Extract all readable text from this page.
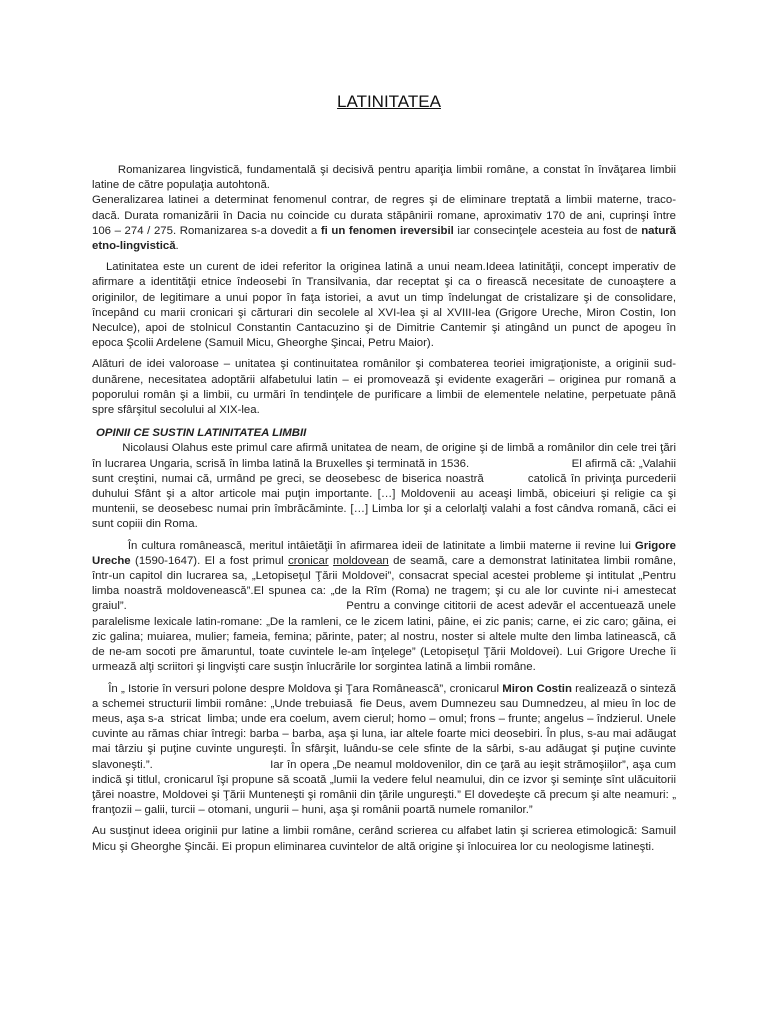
LATINITATEA

Romanizarea lingvistică, fundamentală şi decisivă pentru apariţia limbii române, a constat în învăţarea limbii latine de către populaţia autohtonă.

Generalizarea latinei a determinat fenomenul contrar, de regres şi de eliminare treptată a limbii materne, traco-dacă. Durata romanizării în Dacia nu coincide cu durata stăpânirii romane, aproximativ 170 de ani, cuprinşi între 106 – 274 / 275. Romanizarea s-a dovedit a fi un fenomen ireversibil iar consecinţele acesteia au fost de natură etno-lingvistică.

Latinitatea este un curent de idei referitor la originea latină a unui neam.Ideea latinităţii, concept imperativ de afirmare a identităţii etnice îndeosebi în Transilvania, dar receptat şi ca o firească necesitate de cunoaştere a originilor, de legitimare a unui popor în faţa istoriei, a avut un timp îndelungat de cristalizare şi de consolidare, începând cu marii cronicari şi cărturari din secolele al XVI-lea şi al XVIII-lea (Grigore Ureche, Miron Costin, Ion Neculce), apoi de stolnicul Constantin Cantacuzino şi de Dimitrie Cantemir şi atingând un punct de apogeu în epoca Şcolii Ardelene (Samuil Micu, Gheorghe Şincai, Petru Maior).

Alături de idei valoroase – unitatea şi continuitatea românilor şi combaterea teoriei imigraţioniste, a originii sud-dunărene, necesitatea adoptării alfabetului latin – ei promovează şi evidente exagerări – originea pur romană a poporului român şi a limbii, cu urmări în tendinţele de purificare a limbii de elementele nelatine, perpetuate până spre sfârşitul secolului al XIX-lea.

OPINII CE SUSTIN LATINITATEA LIMBII

Nicolausi Olahus este primul care afirmă unitatea de neam, de origine şi de limbă a românilor din cele trei ţări în lucrarea Ungaria, scrisă în limba latină la Bruxelles şi terminată in 1536.                              El afirmă că: „Valahii sunt creştini, numai că, urmând pe greci, se deosebesc de biserica noastră          catolică în privinţa purcederii duhului Sfânt şi a altor articole mai puţin importante. […] Moldovenii au aceaşi limbă, obiceiuri şi religie ca şi muntenii, se deosebesc numai prin îmbrăcăminte. […] Limba lor şi a celorlalţi valahi a fost cândva romană, căci ei sunt copiii din Roma.

În cultura românească, meritul intâietăţii în afirmarea ideii de latinitate a limbii materne ii revine lui Grigore Ureche (1590-1647). El a fost primul cronicar moldovean de seamă, care a demonstrat latinitatea limbii române, într-un capitol din lucrarea sa, „Letopiseţul Ţării Moldovei”, consacrat special acestei probleme şi intitulat „Pentru limba noastră moldovenească”.El spunea ca: „de la Rîm (Roma) ne tragem; şi cu ale lor cuvinte ni-i amestecat graiul”.                                                       Pentru a convinge cititorii de acest adevăr el accentuează unele paralelisme lexicale latin-romane: „De la ramleni, ce le zicem latini, pâine, ei zic panis; carne, ei zic caro; găina, ei zic galina; muiarea, mulier; fameia, femina; părinte, pater; al nostru, noster si altele multe den limba latinească, că de ne-am socoti pre ămaruntul, toate cuvintele le-am înţelege” (Letopiseţul Ţării Moldovei). Lui Grigore Ureche îi urmează alţi scriitori şi lingvişti care susţin înlucrările lor sorgintea latină a limbii române.

În „ Istorie în versuri polone despre Moldova şi Ţara Românească”, cronicarul Miron Costin realizează o sinteză a schemei structurii limbii române: „Unde trebuiasă  fie Deus, avem Dumnezeu sau Dumnedzeu, al mieu în loc de meus, aşa s-a  stricat  limba; unde era coelum, avem cierul; homo – omul; frons – frunte; angelus – îndzierul. Unele cuvinte au rămas chiar întregi: barba – barba, aşa şi luna, iar altele foarte mici deosebiri. În plus, s-au mai adăugat mai târziu şi puţine cuvinte ungureşti. În sfârşit, luându-se cele sfinte de la sârbi, s-au adăugat şi puţine cuvinte slavoneşti.”.                                 Iar în opera „De neamul moldovenilor, din ce ţară au ieşit strămoşiilor”, aşa cum indică şi titlul, cronicarul îşi propune să scoată „lumii la vedere felul neamului, din ce izvor şi seminţe sînt ulăcuitorii ţărei noastre, Moldovei şi Ţării Munteneşti şi românii din ţările ungureşti.” El dovedeşte că precum şi alte neamuri: „ franţozii – galii, turcii – otomani, ungurii – huni, aşa şi românii poartă numele romanilor.”

Au susţinut ideea originii pur latine a limbii române, cerând scrierea cu alfabet latin şi scrierea etimologică: Samuil Micu şi Gheorghe Şincăi. Ei propun eliminarea cuvintelor de altă origine şi înlocuirea lor cu neologisme latineşti.
